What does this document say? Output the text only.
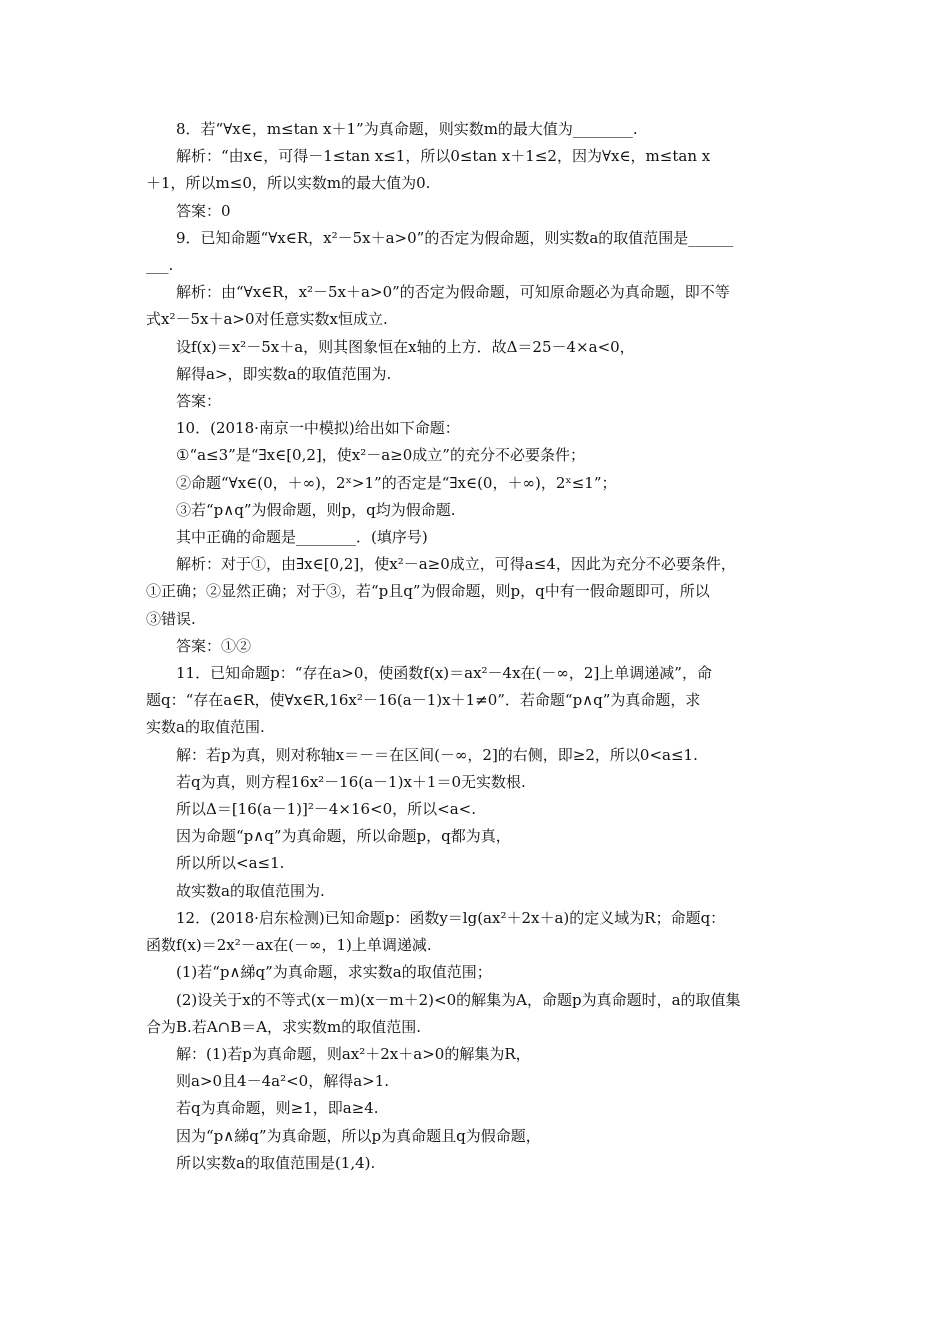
8．若“∀x∈，m≤tan x＋1”为真命题，则实数m的最大值为________.
解析：“由x∈，可得－1≤tan x≤1，所以0≤tan x＋1≤2，因为∀x∈，m≤tan x
＋1，所以m≤0，所以实数m的最大值为0.
答案：0
9．已知命题“∀x∈R，x²－5x＋a>0”的否定为假命题，则实数a的取值范围是______
___.
解析：由“∀x∈R，x²－5x＋a>0”的否定为假命题，可知原命题必为真命题，即不等
式x²－5x＋a>0对任意实数x恒成立.
设f(x)＝x²－5x＋a，则其图象恒在x轴的上方．故Δ＝25－4×a<0，
解得a>，即实数a的取值范围为.
答案：
10．(2018·南京一中模拟)给出如下命题：
①“a≤3”是“∃x∈[0,2]，使x²－a≥0成立”的充分不必要条件；
②命题“∀x∈(0，＋∞)，2ˣ>1”的否定是“∃x∈(0，＋∞)，2ˣ≤1”；
③若“p∧q”为假命题，则p，q均为假命题.
其中正确的命题是________．(填序号)
解析：对于①，由∃x∈[0,2]，使x²－a≥0成立，可得a≤4，因此为充分不必要条件，
①正确；②显然正确；对于③，若“p且q”为假命题，则p，q中有一假命题即可，所以
③错误.
答案：①②
11．已知命题p：“存在a>0，使函数f(x)＝ax²－4x在(－∞，2]上单调递减”，命
题q：“存在a∈R，使∀x∈R,16x²－16(a－1)x＋1≠0”．若命题“p∧q”为真命题，求
实数a的取值范围.
解：若p为真，则对称轴x＝－＝在区间(－∞，2]的右侧，即≥2，所以0<a≤1.
若q为真，则方程16x²－16(a－1)x＋1＝0无实数根.
所以Δ＝[16(a－1)]²－4×16<0，所以<a<.
因为命题“p∧q”为真命题，所以命题p，q都为真，
所以所以<a≤1.
故实数a的取值范围为.
12．(2018·启东检测)已知命题p：函数y＝lg(ax²＋2x＋a)的定义域为R；命题q：
函数f(x)＝2x²－ax在(－∞，1)上单调递减.
(1)若“p∧綈q”为真命题，求实数a的取值范围；
(2)设关于x的不等式(x－m)(x－m＋2)<0的解集为A，命题p为真命题时，a的取值集
合为B.若A∩B＝A，求实数m的取值范围.
解：(1)若p为真命题，则ax²＋2x＋a>0的解集为R，
则a>0且4－4a²<0，解得a>1.
若q为真命题，则≥1，即a≥4.
因为“p∧綈q”为真命题，所以p为真命题且q为假命题，
所以实数a的取值范围是(1,4).
